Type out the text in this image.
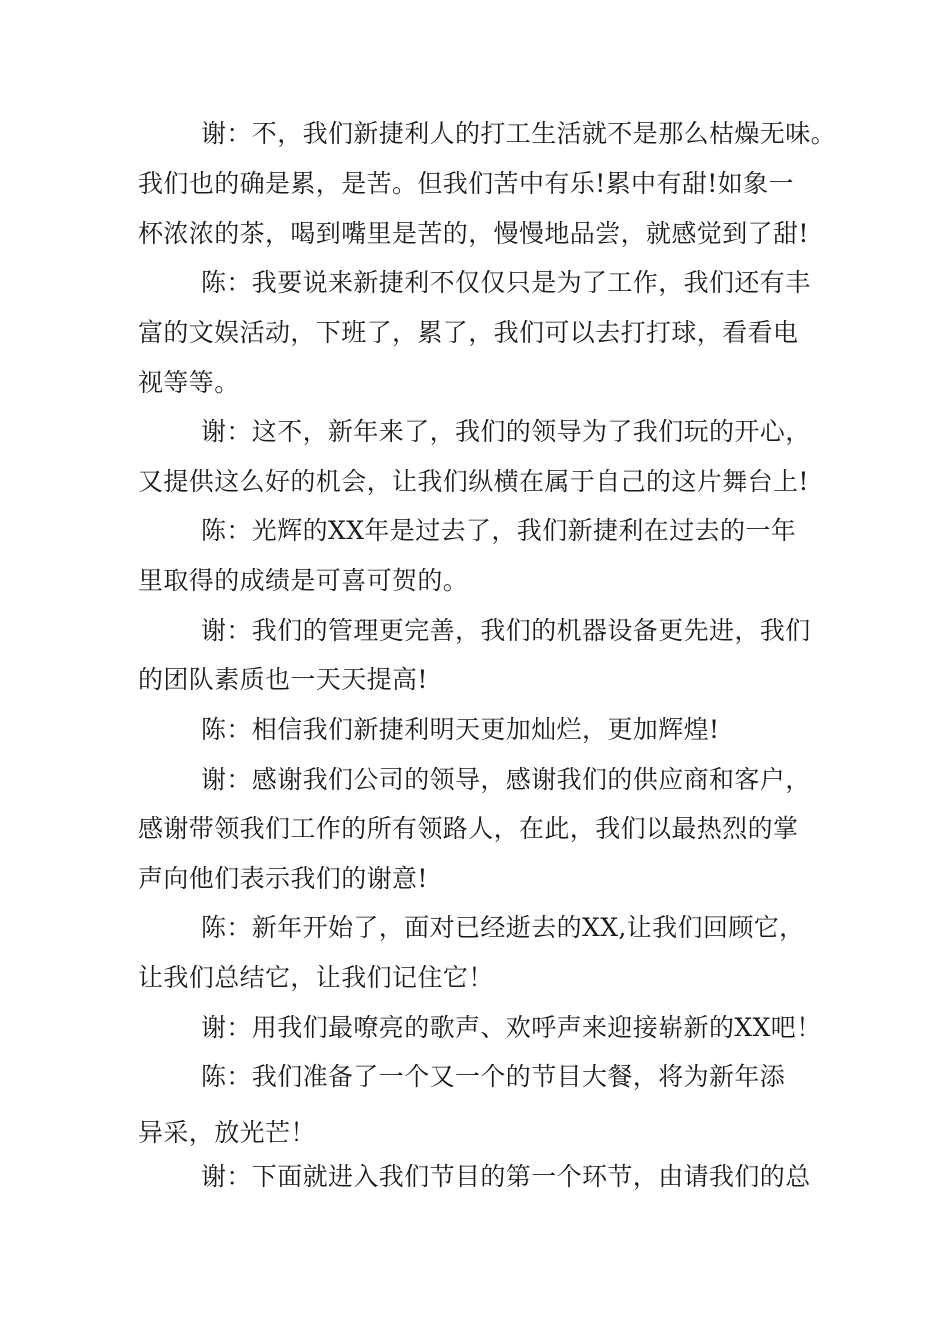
谢：不，我们新捷利人的打工生活就不是那么枯燥无味。
我们也的确是累，是苦。但我们苦中有乐!累中有甜!如象一
杯浓浓的茶，喝到嘴里是苦的，慢慢地品尝，就感觉到了甜!
陈：我要说来新捷利不仅仅只是为了工作，我们还有丰
富的文娱活动，下班了，累了，我们可以去打打球，看看电
视等等。
谢：这不，新年来了，我们的领导为了我们玩的开心，
又提供这么好的机会，让我们纵横在属于自己的这片舞台上!
陈：光辉的XX年是过去了，我们新捷利在过去的一年
里取得的成绩是可喜可贺的。
谢：我们的管理更完善，我们的机器设备更先进，我们
的团队素质也一天天提高!
陈：相信我们新捷利明天更加灿烂，更加辉煌!
谢：感谢我们公司的领导，感谢我们的供应商和客户，
感谢带领我们工作的所有领路人，在此，我们以最热烈的掌
声向他们表示我们的谢意!
陈：新年开始了，面对已经逝去的XX,让我们回顾它，
让我们总结它，让我们记住它！
谢：用我们最嘹亮的歌声、欢呼声来迎接崭新的XX吧！
陈：我们准备了一个又一个的节目大餐，将为新年添
异采，放光芒！
谢：下面就进入我们节目的第一个环节，由请我们的总
